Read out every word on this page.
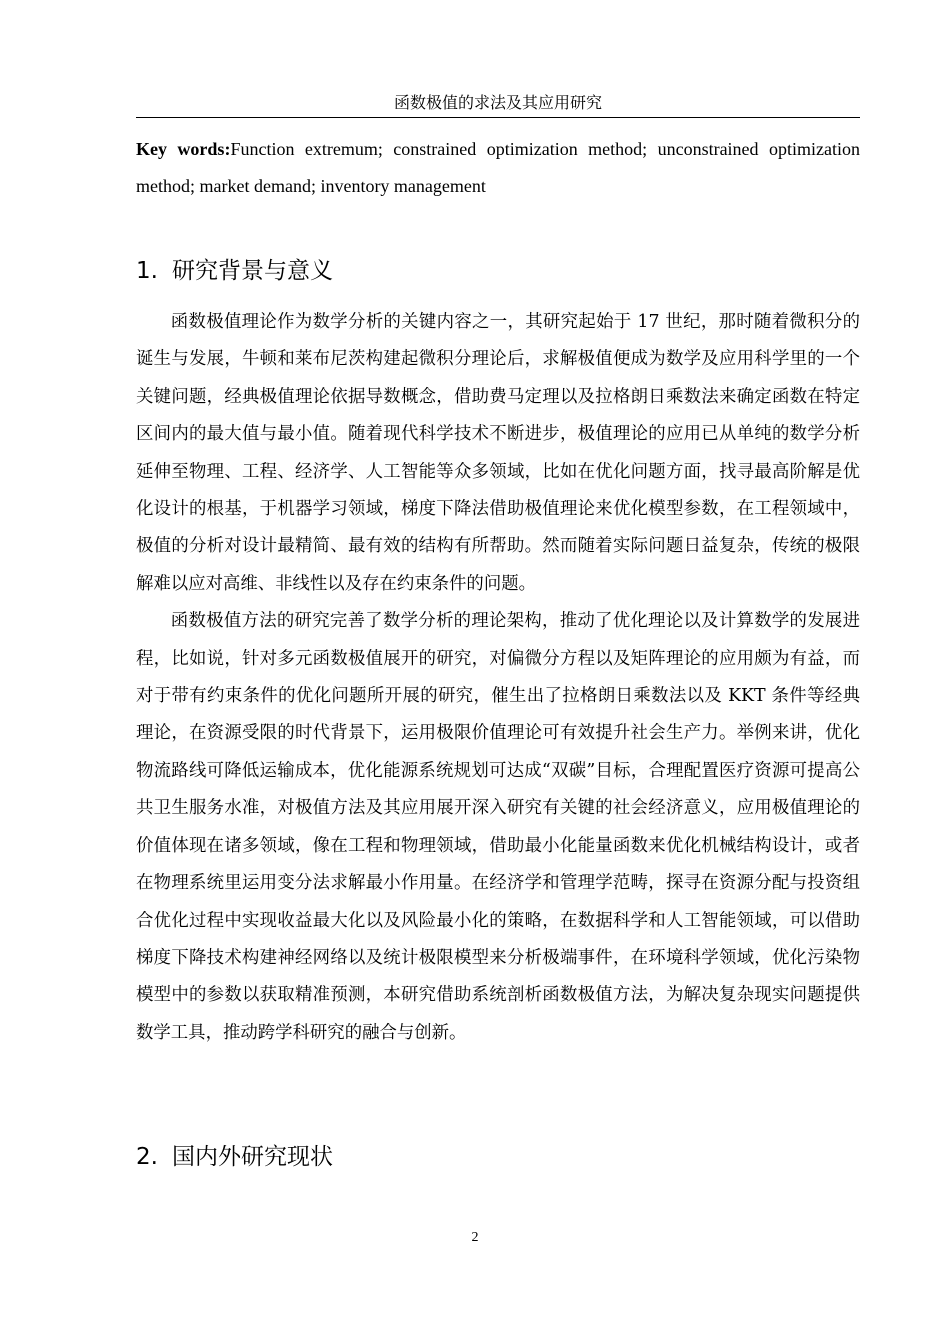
函数极值的求法及其应用研究
Key words:Function extremum; constrained optimization method; unconstrained optimization method; market demand; inventory management
1. 研究背景与意义

函数极值理论作为数学分析的关键内容之一，其研究起始于 17 世纪，那时随着微积分的诞生与发展，牛顿和莱布尼茨构建起微积分理论后，求解极值便成为数学及应用科学里的一个关键问题，经典极值理论依据导数概念，借助费马定理以及拉格朗日乘数法来确定函数在特定区间内的最大值与最小值。随着现代科学技术不断进步，极值理论的应用已从单纯的数学分析延伸至物理、工程、经济学、人工智能等众多领域，比如在优化问题方面，找寻最高阶解是优化设计的根基，于机器学习领域，梯度下降法借助极值理论来优化模型参数，在工程领域中，极值的分析对设计最精简、最有效的结构有所帮助。然而随着实际问题日益复杂，传统的极限解难以应对高维、非线性以及存在约束条件的问题。

函数极值方法的研究完善了数学分析的理论架构，推动了优化理论以及计算数学的发展进程，比如说，针对多元函数极值展开的研究，对偏微分方程以及矩阵理论的应用颇为有益，而对于带有约束条件的优化问题所开展的研究，催生出了拉格朗日乘数法以及 KKT 条件等经典理论，在资源受限的时代背景下，运用极限价值理论可有效提升社会生产力。举例来讲，优化物流路线可降低运输成本，优化能源系统规划可达成“双碳”目标，合理配置医疗资源可提高公共卫生服务水准，对极值方法及其应用展开深入研究有关键的社会经济意义，应用极值理论的价值体现在诸多领域，像在工程和物理领域，借助最小化能量函数来优化机械结构设计，或者在物理系统里运用变分法求解最小作用量。在经济学和管理学范畴，探寻在资源分配与投资组合优化过程中实现收益最大化以及风险最小化的策略，在数据科学和人工智能领域，可以借助梯度下降技术构建神经网络以及统计极限模型来分析极端事件，在环境科学领域，优化污染物模型中的参数以获取精准预测，本研究借助系统剖析函数极值方法，为解决复杂现实问题提供数学工具，推动跨学科研究的融合与创新。

2. 国内外研究现状
2
